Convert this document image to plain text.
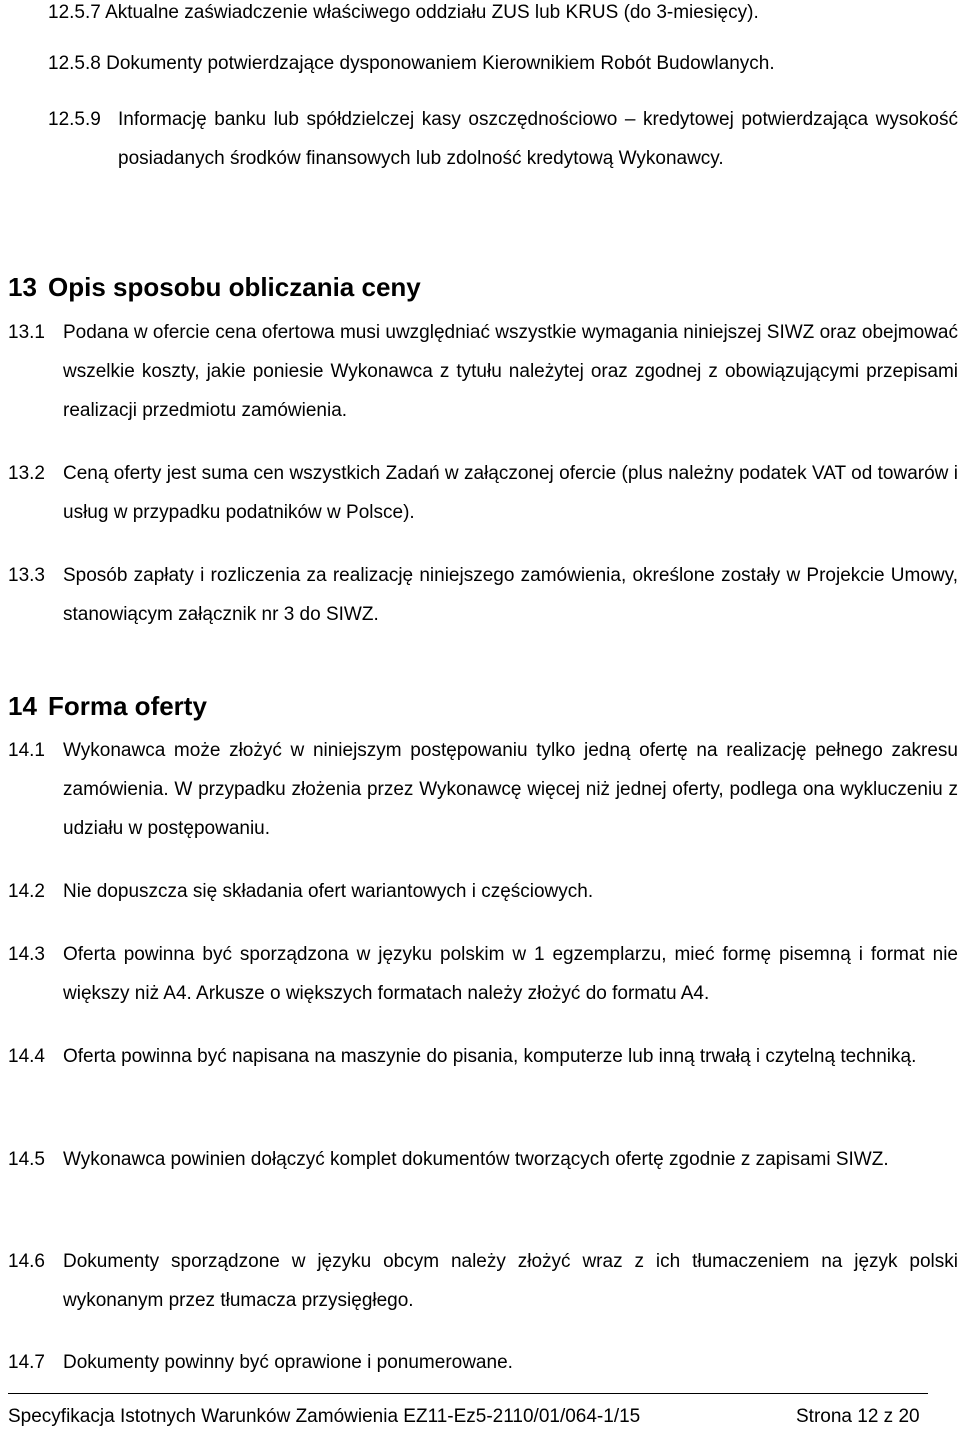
12.5.7 Aktualne zaświadczenie właściwego oddziału ZUS lub KRUS (do 3-miesięcy).
12.5.8 Dokumenty potwierdzające dysponowaniem Kierownikiem Robót Budowlanych.
12.5.9 Informację banku lub spółdzielczej kasy oszczędnościowo – kredytowej potwierdzająca wysokość posiadanych środków finansowych lub zdolność kredytową Wykonawcy.
13 Opis sposobu obliczania ceny
13.1 Podana w ofercie cena ofertowa musi uwzględniać wszystkie wymagania niniejszej SIWZ oraz obejmować wszelkie koszty, jakie poniesie Wykonawca z tytułu należytej oraz zgodnej z obowiązującymi przepisami realizacji przedmiotu zamówienia.
13.2 Ceną oferty jest suma cen wszystkich Zadań w załączonej ofercie (plus należny podatek VAT od towarów i usług w przypadku podatników w Polsce).
13.3 Sposób zapłaty i rozliczenia za realizację niniejszego zamówienia, określone zostały w Projekcie Umowy, stanowiącym załącznik nr 3 do SIWZ.
14 Forma oferty
14.1 Wykonawca może złożyć w niniejszym postępowaniu tylko jedną ofertę na realizację pełnego zakresu zamówienia. W przypadku złożenia przez Wykonawcę więcej niż jednej oferty, podlega ona wykluczeniu z udziału w postępowaniu.
14.2 Nie dopuszcza się składania ofert wariantowych i częściowych.
14.3 Oferta powinna być sporządzona w języku polskim w 1 egzemplarzu, mieć formę pisemną i format nie większy niż A4. Arkusze o większych formatach należy złożyć do formatu A4.
14.4 Oferta powinna być napisana na maszynie do pisania, komputerze lub inną trwałą i czytelną techniką.
14.5 Wykonawca powinien dołączyć komplet dokumentów tworzących ofertę zgodnie z zapisami SIWZ.
14.6 Dokumenty sporządzone w języku obcym należy złożyć wraz z ich tłumaczeniem na język polski wykonanym przez tłumacza przysięgłego.
14.7 Dokumenty powinny być oprawione i ponumerowane.
Specyfikacja Istotnych Warunków Zamówienia EZ11-Ez5-2110/01/064-1/15	Strona 12 z 20
